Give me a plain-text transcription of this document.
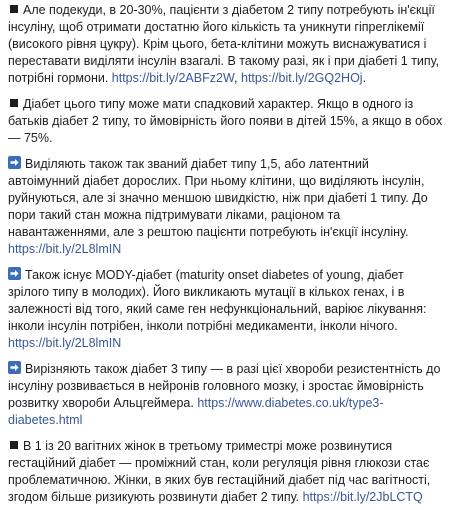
Але подекуди, в 20-30%, пацієнти з діабетом 2 типу потребують ін'єкції інсуліну, щоб отримати достатню його кількість та уникнути гіпреглікемії (високого рівня цукру). Крім цього, бета-клітини можуть виснажуватися і переставати виділяти інсулін взагалі. В такому разі, як і при діабеті 1 типу, потрібні гормони. https://bit.ly/2ABFz2W, https://bit.ly/2GQ2HOj.

Діабет цього типу може мати спадковий характер. Якщо в одного із батьків діабет 2 типу, то ймовірність його появи в дітей 15%, а якщо в обох — 75%.

Виділяють також так званий діабет типу 1,5, або латентний автоімунний діабет дорослих. При ньому клітини, що виділяють інсулін, руйнуються, але зі значно меншою швидкістю, ніж при діабеті 1 типу. До пори такий стан можна підтримувати ліками, раціоном та навантаженнями, але з рештою пацієнти потребують ін'єкції інсуліну. https://bit.ly/2L8lmIN

Також існує MODY-діабет (maturity onset diabetes of young, діабет зрілого типу в молодих). Його викликають мутації в кількох генах, і в залежності від того, який саме ген нефункціональний, варіює лікування: інколи інсулін потрібен, інколи потрібні медикаменти, інколи нічого. https://bit.ly/2L8lmIN

Вирізняють також діабет 3 типу — в разі цієї хвороби резистентність до інсуліну розвивається в нейронів головного мозку, і зростає ймовірність розвитку хвороби Альцгеймера. https://www.diabetes.co.uk/type3-diabetes.html

В 1 із 20 вагітних жінок в третьому триместрі може розвинутися гестаційний діабет — проміжний стан, коли регуляція рівня глюкози стає проблематичною. Жінки, в яких був гестаційний діабет під час вагітності, згодом більше ризикують розвинути діабет 2 типу. https://bit.ly/2JbLCTQ
